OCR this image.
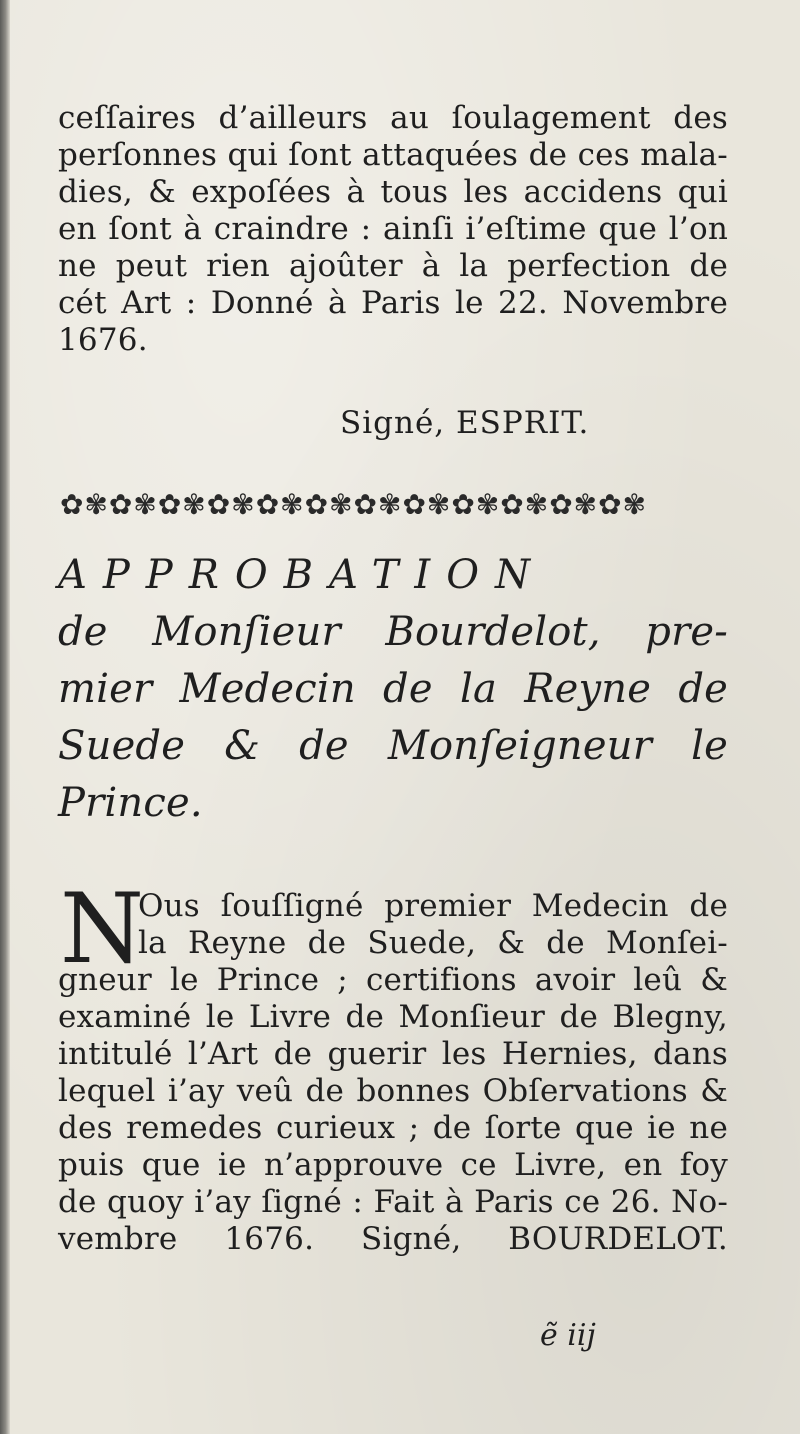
ceſſaires d’ailleurs au ſoulagement des
perſonnes qui ſont attaquées de ces mala-
dies, & expoſées à tous les accidens qui
en ſont à craindre : ainſi i’eſtime que l’on
ne peut rien ajoûter à la perfection de
cét Art : Donné à Paris le 22. Novembre
1676.
Signé, ESPRIT.
✿✾✿✾✿✾✿✾✿✾✿✾✿✾✿✾✿✾✿✾✿✾✿✾
APPROBATION
de Monſieur Bourdelot, pre-
mier Medecin de la Reyne de
Suede & de Monſeigneur le
Prince.
N
Ous ſouſſigné premier Medecin de
la Reyne de Suede, & de Monſei-
gneur le Prince ; certifions avoir leû &
examiné le Livre de Monſieur de Blegny,
intitulé l’Art de guerir les Hernies, dans
lequel i’ay veû de bonnes Obſervations &
des remedes curieux ; de ſorte que ie ne
puis que ie n’approuve ce Livre, en foy
de quoy i’ay ſigné : Fait à Paris ce 26. No-
vembre 1676. Signé, BOURDELOT.
ẽ iij
